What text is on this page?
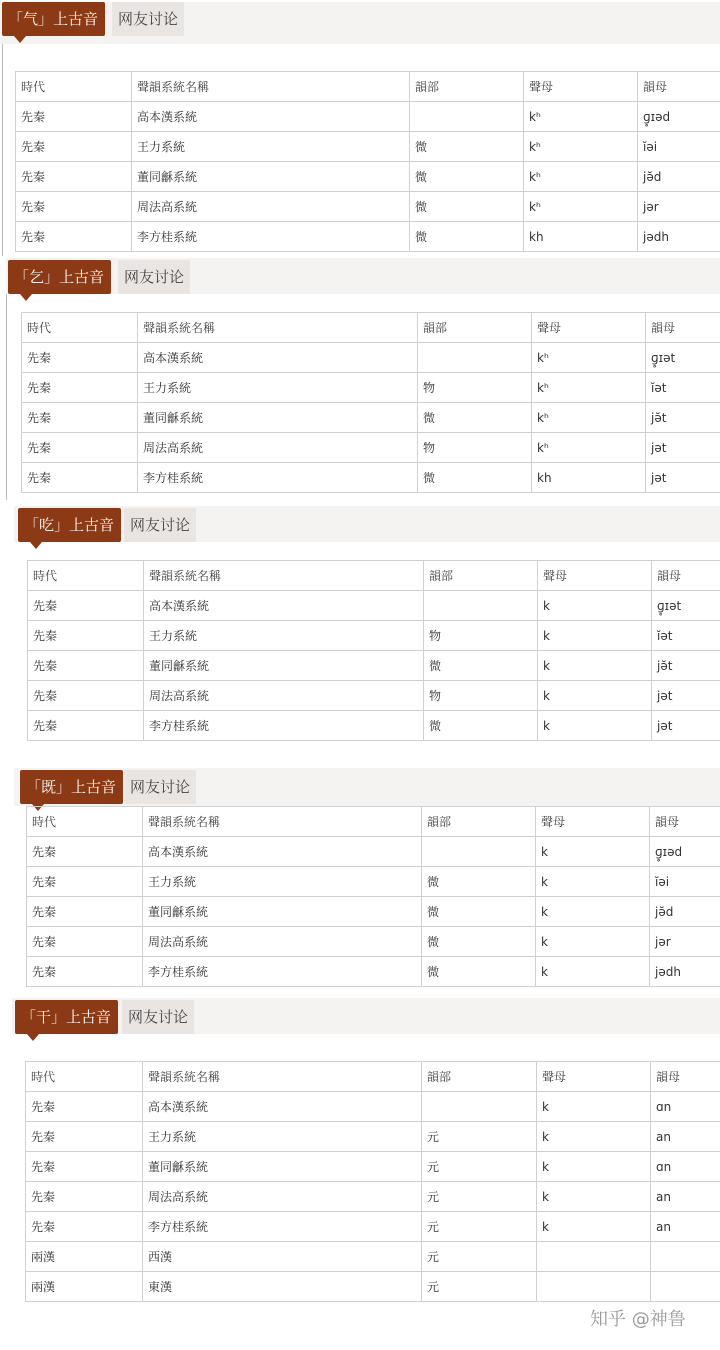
「气」上古音	网友讨论
時代	聲韻系統名稱	韻部	聲母	韻母
先秦	高本漢系統		kʰ	ɡ̥ɪəd
先秦	王力系統	微	kʰ	ĭəi
先秦	董同龢系統	微	kʰ	jə̆d
先秦	周法高系統	微	kʰ	jər
先秦	李方桂系統	微	kh	jədh
「乞」上古音	网友讨论
時代	聲韻系統名稱	韻部	聲母	韻母
先秦	高本漢系統		kʰ	ɡ̥ɪət
先秦	王力系統	物	kʰ	ĭət
先秦	董同龢系統	微	kʰ	jə̆t
先秦	周法高系統	物	kʰ	jət
先秦	李方桂系統	微	kh	jət
「吃」上古音	网友讨论
時代	聲韻系統名稱	韻部	聲母	韻母
先秦	高本漢系統		k	ɡ̥ɪət
先秦	王力系統	物	k	ĭət
先秦	董同龢系統	微	k	jə̆t
先秦	周法高系統	物	k	jət
先秦	李方桂系統	微	k	jət
「既」上古音 网友讨论
時代	聲韻系統名稱	韻部	聲母	韻母
先秦	高本漢系統		k	ɡ̥ɪəd
先秦	王力系統	微	k	ĭəi
先秦	董同龢系統	微	k	jə̆d
先秦	周法高系統	微	k	jər
先秦	李方桂系統	微	k	jədh
「干」上古音	网友讨论
時代	聲韻系統名稱	韻部	聲母	韻母
先秦	高本漢系統		k	ɑn
先秦	王力系統	元	k	an
先秦	董同龢系統	元	k	ɑn
先秦	周法高系統	元	k	an
先秦	李方桂系統	元	k	an
兩漢	西漢	元		
兩漢	東漢	元		
知乎 @神鲁
